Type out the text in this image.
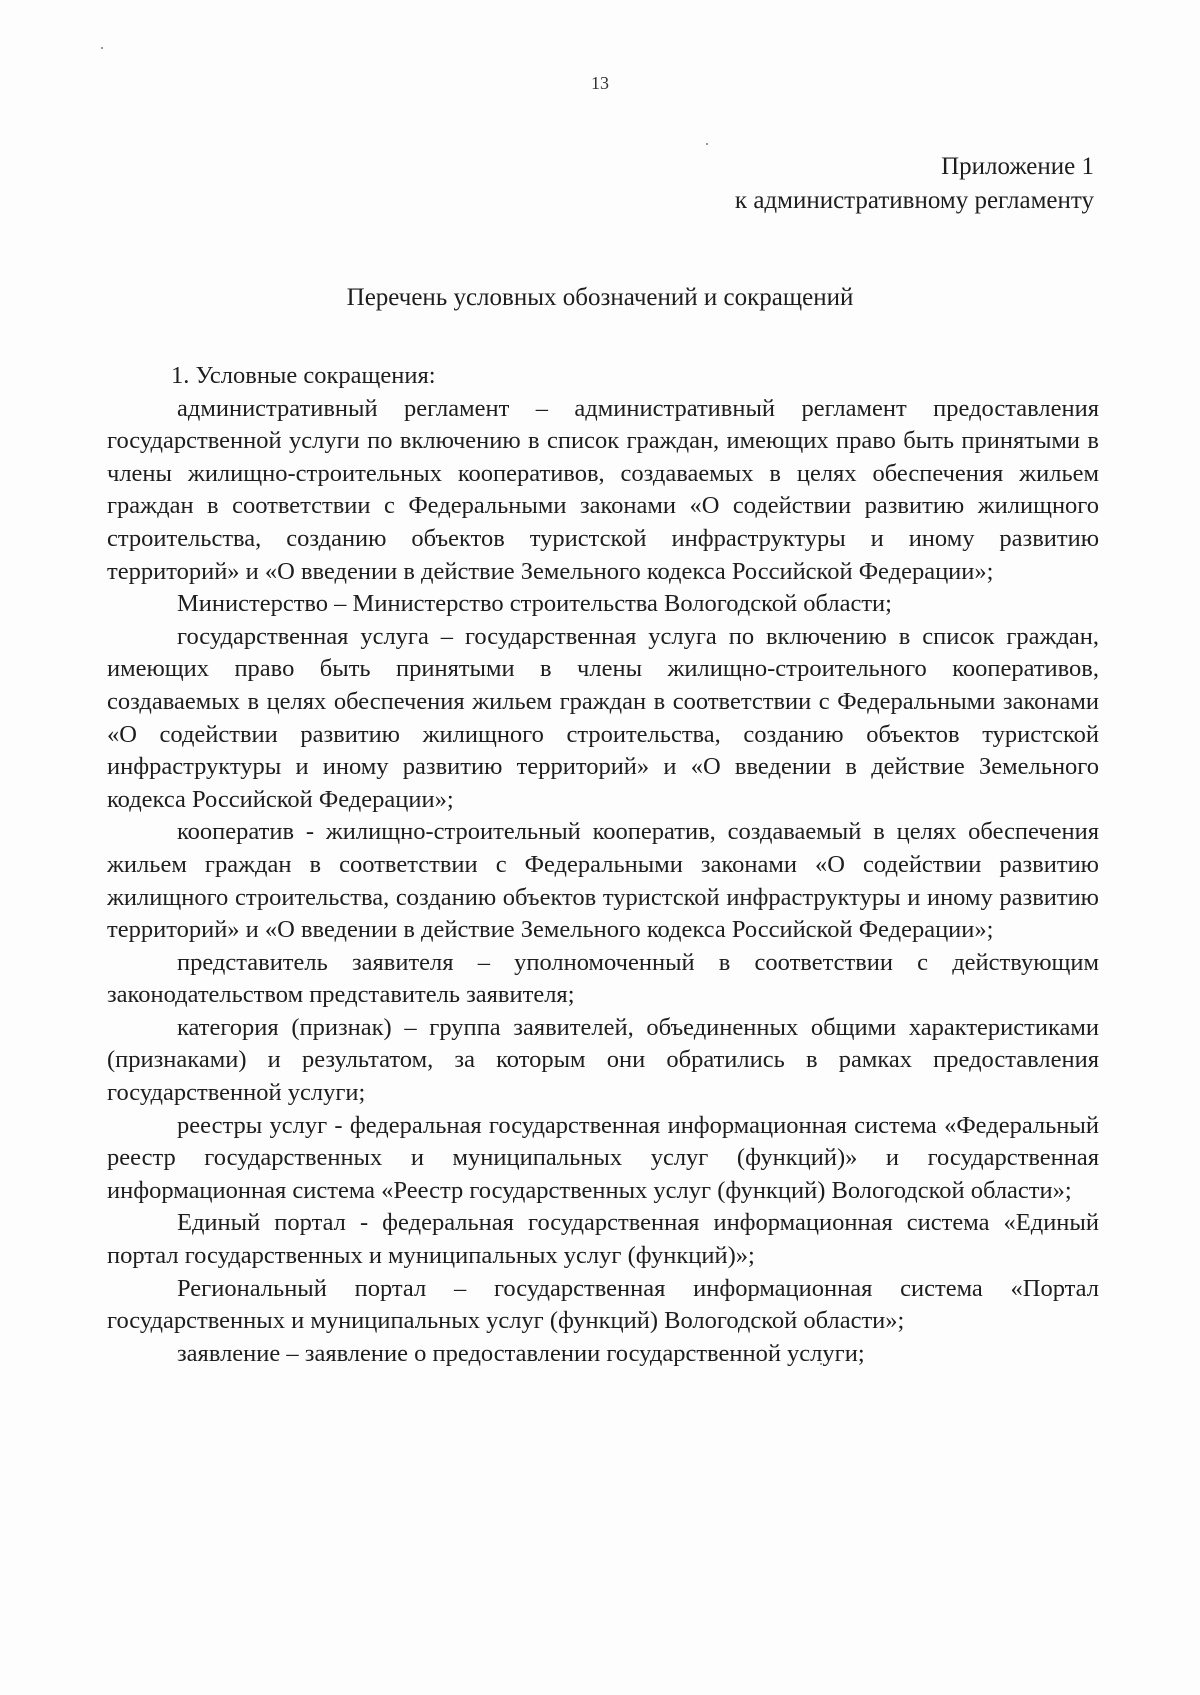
13
Приложение 1
к административному регламенту
Перечень условных обозначений и сокращений

1. Условные сокращения:

административный регламент – административный регламент предоставления государственной услуги по включению в список граждан, имеющих право быть принятыми в члены жилищно-строительных кооперативов, создаваемых в целях обеспечения жильем граждан в соответствии с Федеральными законами «О содействии развитию жилищного строительства, созданию объектов туристской инфраструктуры и иному развитию территорий» и «О введении в действие Земельного кодекса Российской Федерации»;

Министерство – Министерство строительства Вологодской области;

государственная услуга – государственная услуга по включению в список граждан, имеющих право быть принятыми в члены жилищно-строительного кооперативов, создаваемых в целях обеспечения жильем граждан в соответствии с Федеральными законами «О содействии развитию жилищного строительства, созданию объектов туристской инфраструктуры и иному развитию территорий» и «О введении в действие Земельного кодекса Российской Федерации»;

кооператив - жилищно-строительный кооператив, создаваемый в целях обеспечения жильем граждан в соответствии с Федеральными законами «О содействии развитию жилищного строительства, созданию объектов туристской инфраструктуры и иному развитию территорий» и «О введении в действие Земельного кодекса Российской Федерации»;

представитель заявителя – уполномоченный в соответствии с действующим законодательством представитель заявителя;

категория (признак) – группа заявителей, объединенных общими характеристиками (признаками) и результатом, за которым они обратились в рамках предоставления государственной услуги;

реестры услуг - федеральная государственная информационная система «Федеральный реестр государственных и муниципальных услуг (функций)» и государственная информационная система «Реестр государственных услуг (функций) Вологодской области»;

Единый портал - федеральная государственная информационная система «Единый портал государственных и муниципальных услуг (функций)»;

Региональный портал – государственная информационная система «Портал государственных и муниципальных услуг (функций) Вологодской области»;

заявление – заявление о предоставлении государственной услуги;
